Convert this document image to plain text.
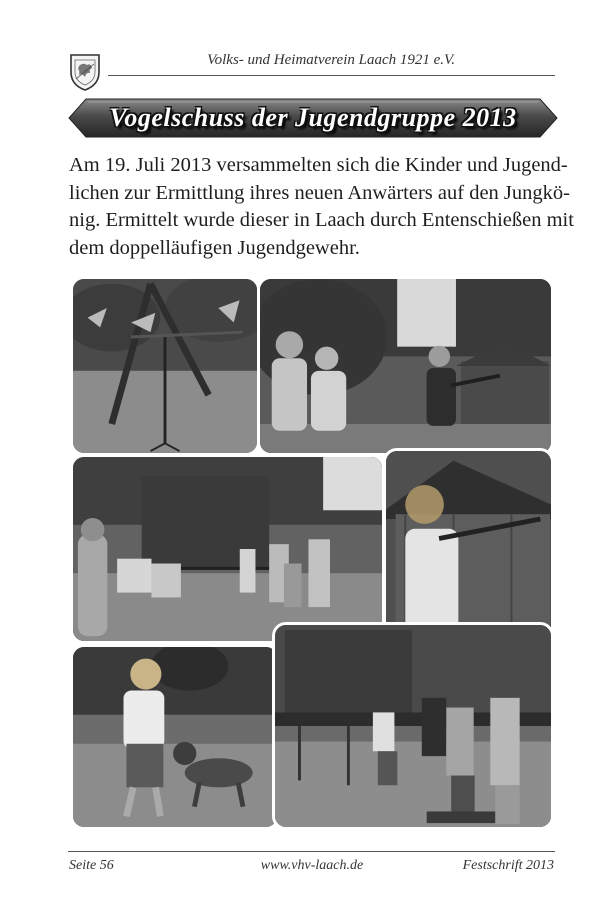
Volks- und Heimatverein Laach 1921 e.V.
Vogelschuss der Jugendgruppe 2013
Am 19. Juli 2013 versammelten sich die Kinder und Jugend-
lichen zur Ermittlung ihres neuen Anwärters auf den Jungkö-
nig. Ermittelt wurde dieser in Laach durch Entenschießen mit
dem doppelläufigen Jugendgewehr.
Seite 56	www.vhv-laach.de	Festschrift 2013
